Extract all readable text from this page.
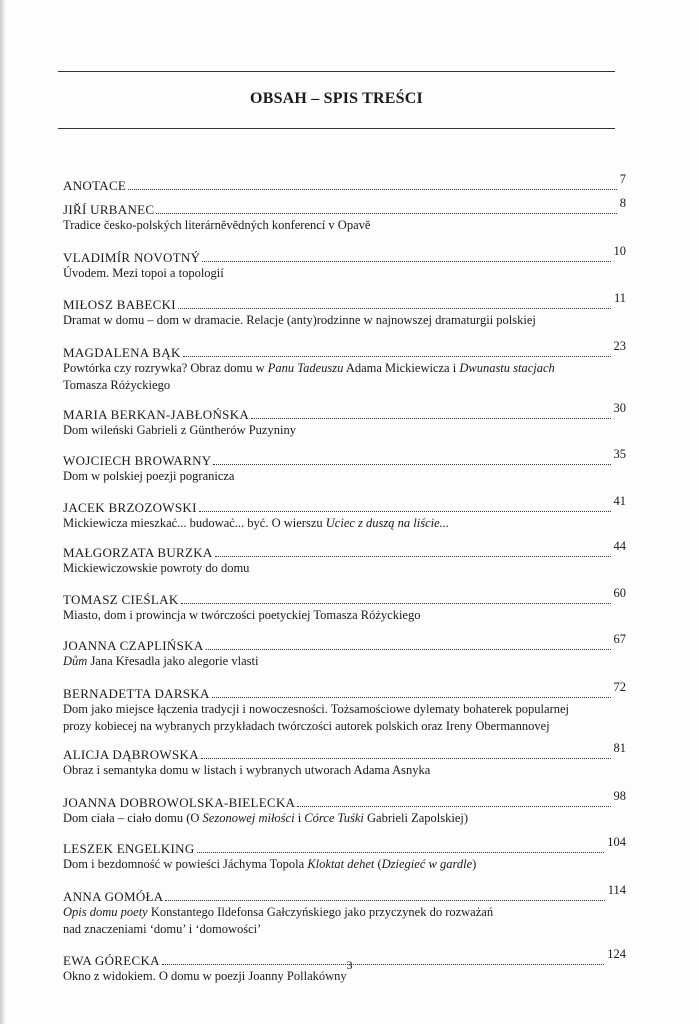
OBSAH – SPIS TREŚCI
ANOTACE	7
JIŘÍ URBANEC	8
Tradice česko-polských literárněvědných konferencí v Opavě
VLADIMÍR NOVOTNÝ	10
Úvodem. Mezi topoi a topologií
MIŁOSZ BABECKI	11
Dramat w domu – dom w dramacie. Relacje (anty)rodzinne w najnowszej dramaturgii polskiej
MAGDALENA BĄK	23
Powtórka czy rozrywka? Obraz domu w Panu Tadeuszu Adama Mickiewicza i Dwunastu stacjach
Tomasza Różyckiego
MARIA BERKAN-JABŁOŃSKA	30
Dom wileński Gabrieli z Güntherów Puzyniny
WOJCIECH BROWARNY	35
Dom w polskiej poezji pogranicza
JACEK BRZOZOWSKI	41
Mickiewicza mieszkać... budować... być. O wierszu Uciec z duszą na liście...
MAŁGORZATA BURZKA	44
Mickiewiczowskie powroty do domu
TOMASZ CIEŚLAK	60
Miasto, dom i prowincja w twórczości poetyckiej Tomasza Różyckiego
JOANNA CZAPLIŃSKA	67
Dům Jana Křesadla jako alegorie vlasti
BERNADETTA DARSKA	72
Dom jako miejsce łączenia tradycji i nowoczesności. Tożsamościowe dylematy bohaterek popularnej
prozy kobiecej na wybranych przykładach twórczości autorek polskich oraz Ireny Obermannovej
ALICJA DĄBROWSKA	81
Obraz i semantyka domu w listach i wybranych utworach Adama Asnyka
JOANNA DOBROWOLSKA-BIELECKA	98
Dom ciała – ciało domu (O Sezonowej miłości i Córce Tuśki Gabrieli Zapolskiej)
LESZEK ENGELKING	104
Dom i bezdomność w powieści Jáchyma Topola Kloktat dehet (Dziegieć w gardle)
ANNA GOMÓŁA	114
Opis domu poety Konstantego Ildefonsa Gałczyńskiego jako przyczynek do rozważań
nad znaczeniami ‘domu’ i ‘domowości’
EWA GÓRECKA	124
Okno z widokiem. O domu w poezji Joanny Pollakówny
3
